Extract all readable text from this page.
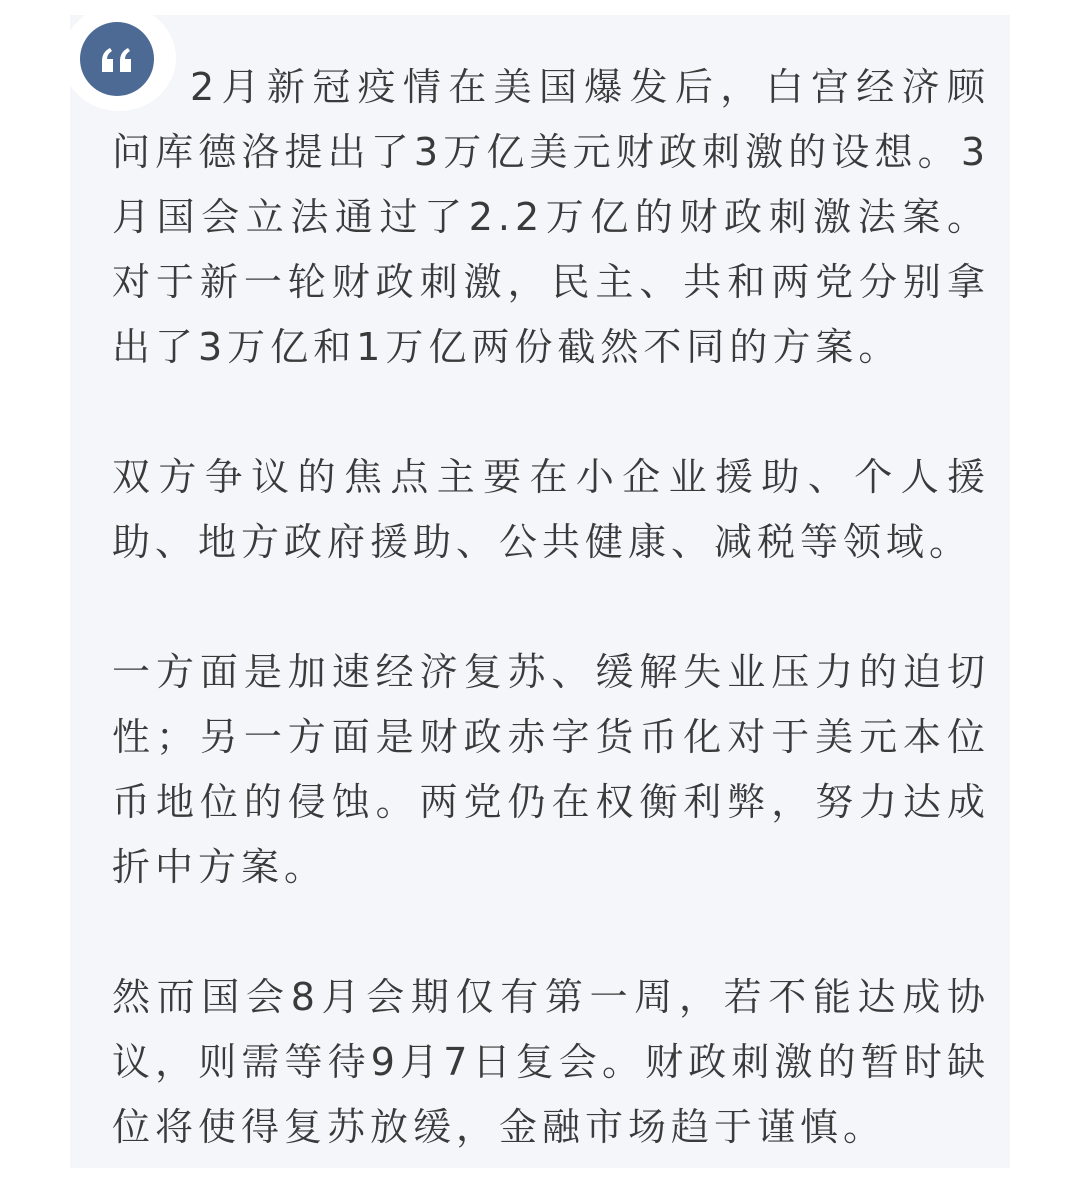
2月新冠疫情在美国爆发后，白宫经济顾问库德洛提出了3万亿美元财政刺激的设想。3月国会立法通过了2.2万亿的财政刺激法案。对于新一轮财政刺激，民主、共和两党分别拿出了3万亿和1万亿两份截然不同的方案。

双方争议的焦点主要在小企业援助、个人援助、地方政府援助、公共健康、减税等领域。

一方面是加速经济复苏、缓解失业压力的迫切性；另一方面是财政赤字货币化对于美元本位币地位的侵蚀。两党仍在权衡利弊，努力达成折中方案。

然而国会8月会期仅有第一周，若不能达成协议，则需等待9月7日复会。财政刺激的暂时缺位将使得复苏放缓，金融市场趋于谨慎。
